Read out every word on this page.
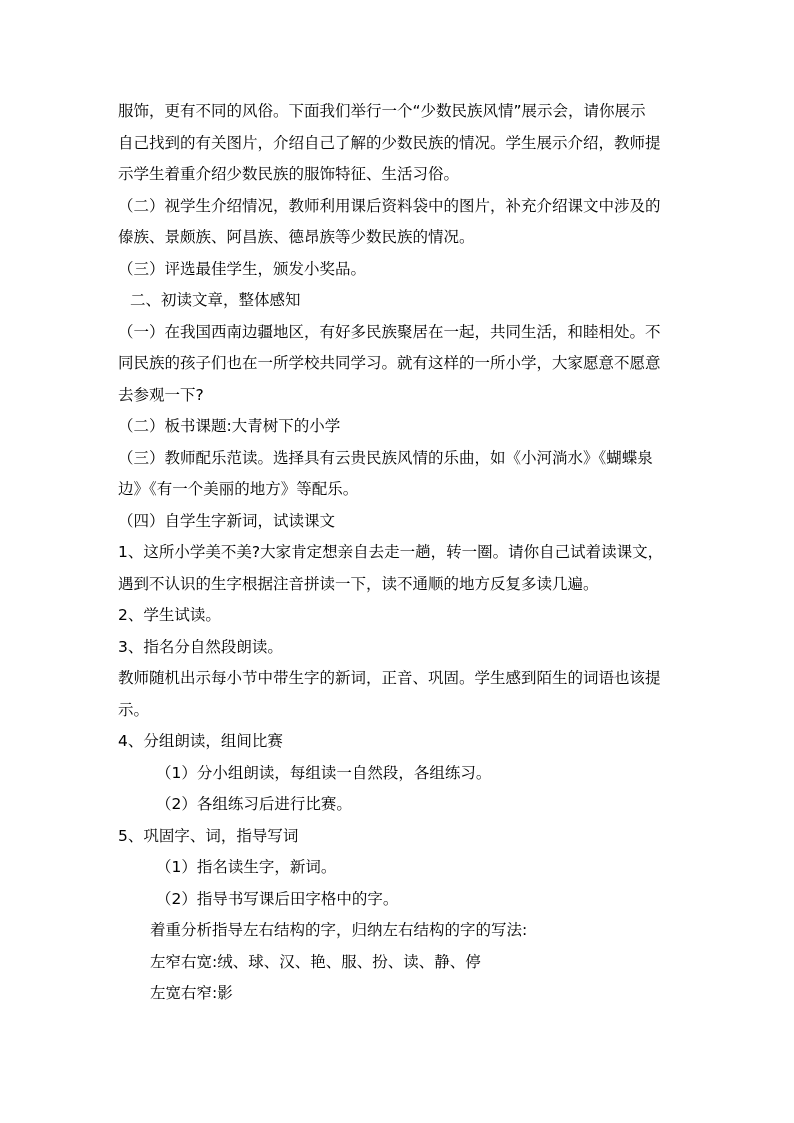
服饰，更有不同的风俗。下面我们举行一个“少数民族风情”展示会，请你展示
自己找到的有关图片，介绍自己了解的少数民族的情况。学生展示介绍，教师提
示学生着重介绍少数民族的服饰特征、生活习俗。
（二）视学生介绍情况，教师利用课后资料袋中的图片，补充介绍课文中涉及的
傣族、景颇族、阿昌族、德昂族等少数民族的情况。
（三）评选最佳学生，颁发小奖品。
二、初读文章，整体感知
（一）在我国西南边疆地区，有好多民族聚居在一起，共同生活，和睦相处。不
同民族的孩子们也在一所学校共同学习。就有这样的一所小学，大家愿意不愿意
去参观一下?
（二）板书课题:大青树下的小学
（三）教师配乐范读。选择具有云贵民族风情的乐曲，如《小河淌水》《蝴蝶泉
边》《有一个美丽的地方》等配乐。
（四）自学生字新词，试读课文
1、这所小学美不美?大家肯定想亲自去走一趟，转一圈。请你自己试着读课文，
遇到不认识的生字根据注音拼读一下，读不通顺的地方反复多读几遍。
2、学生试读。
3、指名分自然段朗读。
教师随机出示每小节中带生字的新词，正音、巩固。学生感到陌生的词语也该提
示。
4、分组朗读，组间比赛
（1）分小组朗读，每组读一自然段，各组练习。
（2）各组练习后进行比赛。
5、巩固字、词，指导写词
（1）指名读生字，新词。
（2）指导书写课后田字格中的字。
着重分析指导左右结构的字，归纳左右结构的字的写法:
左窄右宽:绒、球、汉、艳、服、扮、读、静、停
左宽右窄:影
